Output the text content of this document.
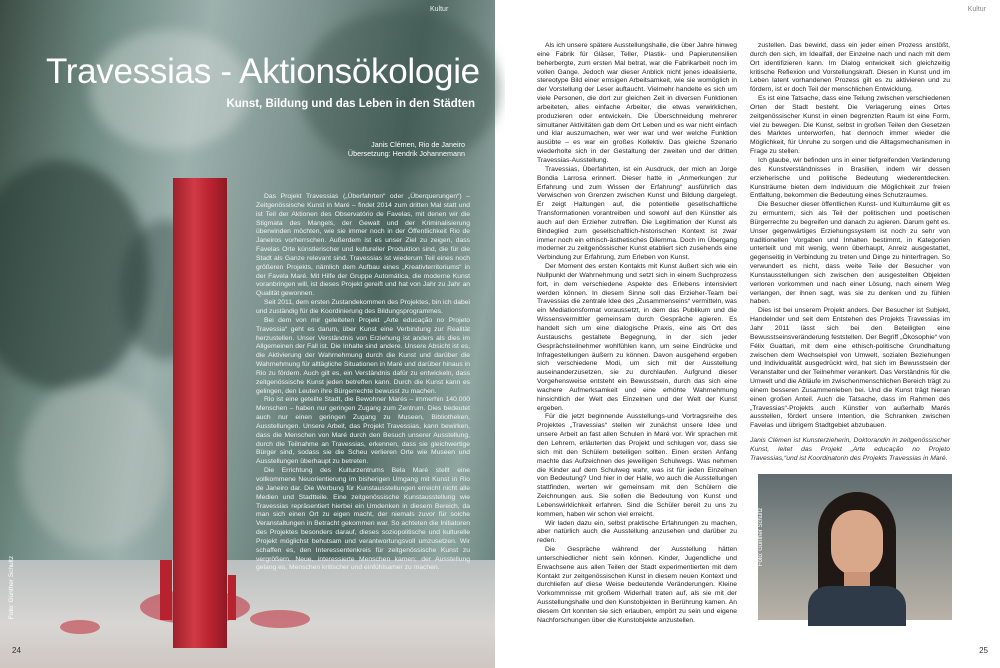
Kultur
Travessias - Aktionsökologie
Kunst, Bildung und das Leben in den Städten
Janis Clémen, Rio de Janeiro
Übersetzung: Hendrik Johannemann

Das Projekt Travessias („Überfahrten“ oder „Überquerungen“) – Zeitgenössische Kunst in Maré – findet 2014 zum dritten Mal statt und ist Teil der Aktionen des Observatório de Favelas, mit denen wir die Stigmata des Mangels, der Gewalt und der Kriminalisierung überwinden möchten, wie sie immer noch in der Öffentlichkeit Rio de Janeiros vorherrschen. Außerdem ist es unser Ziel zu zeigen, dass Favelas Orte künstlerischer und kultureller Produktion sind, die für die Stadt als Ganze relevant sind. Travessias ist wiederum Teil eines noch größeren Projekts, nämlich dem Aufbau eines „Kreativterritoriums“ in der Favela Maré. Mit Hilfe der Gruppe Automática, die moderne Kunst voranbringen will, ist dieses Projekt gereift und hat von Jahr zu Jahr an Qualität gewonnen.

Seit 2011, dem ersten Zustandekommen des Projektes, bin ich dabei und zuständig für die Koordinierung des Bildungsprogrammes.

Bei dem von mir geleiteten Projekt „Arte educação no Projeto Travessia“ geht es darum, über Kunst eine Verbindung zur Realität herzustellen. Unser Verständnis von Erziehung ist anders als dies im Allgemeinen der Fall ist. Die Inhalte sind andere. Unsere Absicht ist es, die Aktivierung der Wahrnehmung durch die Kunst und darüber die Wahrnehmung für alltägliche Situationen in Maré und darüber hinaus in Rio zu fördern. Auch gilt es, ein Verständnis dafür zu entwickeln, dass zeitgenössische Kunst jeden betreffen kann. Durch die Kunst kann es gelingen, den Leuten ihre Bürgerrechte bewusst zu machen.

Rio ist eine geteilte Stadt, die Bewohner Marés – immerhin 140.000 Menschen – haben nur geringen Zugang zum Zentrum. Dies bedeutet auch nur einen geringen Zugang zu Museen, Bibliotheken, Ausstellungen. Unsere Arbeit, das Projekt Travessias, kann bewirken, dass die Menschen von Maré durch den Besuch unserer Ausstellung, durch die Teilnahme an Travessias, erkennen, dass sie gleichwertige Bürger sind, sodass sie die Scheu verlieren Orte wie Museen und Ausstellungen überhaupt zu betreten.

Die Errichtung des Kulturzentrums Bela Maré stellt eine vollkommene Neuorientierung im bisherigen Umgang mit Kunst in Rio de Janeiro dar. Die Werbung für Kunstausstellungen erreicht nicht alle Medien und Stadtteile. Eine zeitgenössische Kunstausstellung wie Travessias repräsentiert hierbei ein Umdenken in diesem Bereich, da man sich einen Ort zu eigen macht, der niemals zuvor für solche Veranstaltungen in Betracht gekommen war. So achteten die Initiatoren des Projektes besonders darauf, dieses soziopolitische und kulturelle Projekt möglichst behutsam und verantwortungsvoll umzusetzen. Wir schaffen es, den Interessentenkreis für zeitgenössische Kunst zu vergrößern. Neue, interessierte Menschen kamen; der Ausstellung gelang es, Menschen kritischer und einfühlsamer zu machen.

Foto: Günther Schultz
24
Kultur

Als ich unsere spätere Ausstellungshalle, die über Jahre hinweg eine Fabrik für Gläser, Teller, Plastik- und Papierutensilien beherbergte, zum ersten Mal betrat, war die Fabrikarbeit noch im vollen Gange. Jedoch war dieser Anblick nicht jenes idealisierte, stereotype Bild einer emsigen Arbeitsamkeit, wie sie womöglich in der Vorstellung der Leser auftaucht. Vielmehr handelte es sich um viele Personen, die dort zur gleichen Zeit in diversen Funktionen arbeiteten, alles einfache Arbeiter, die etwas verwirklichen, produzieren oder entwickeln. Die Überschneidung mehrerer simultaner Aktivitäten gab dem Ort Leben und es war nicht einfach und klar auszumachen, wer wer war und wer welche Funktion ausübte – es war ein großes Kollektiv. Das gleiche Szenario wiederholte sich in der Gestaltung der zweiten und der dritten Travessias-Ausstellung.

Travessias, Überfahrten, ist ein Ausdruck, der mich an Jorge Bondia Larrosa erinnert. Dieser hatte in „Anmerkungen zur Erfahrung und zum Wissen der Erfahrung“ ausführlich das Verwischen von Grenzen zwischen Kunst und Bildung dargelegt. Er zeigt Haltungen auf, die potentielle gesellschaftliche Transformationen vorantreiben und sowohl auf den Künstler als auch auf den Erzieher zutreffen. Die Legitimation der Kunst als Bindeglied zum gesellschaftlich-historischen Kontext ist zwar immer noch ein ethisch-ästhetisches Dilemma. Doch im Übergang moderner zu zeitgenössischer Kunst etabliert sich zusehends eine Verbindung zur Erfahrung, zum Erleben von Kunst.

Der Moment des ersten Kontakts mit Kunst äußert sich wie ein Nullpunkt der Wahrnehmung und setzt sich in einem Suchprozess fort, in dem verschiedene Aspekte des Erlebens intensiviert werden können. In diesem Sinne soll das Erzieher-Team bei Travessias die zentrale Idee des „Zusammenseins“ vermitteln, was ein Mediationsformat voraussetzt, in dem das Publikum und die Wissensvermittler gemeinsam durch Gespräche agieren. Es handelt sich um eine dialogische Praxis, eine als Ort des Austauschs gestaltete Begegnung, in der sich jeder Gesprächsteilnehmer wohlfühlen kann, um seine Eindrücke und Infragestellungen äußern zu können. Davon ausgehend ergeben sich verschiedene Modi, um sich mit der Ausstellung auseinanderzusetzen, sie zu durchlaufen. Aufgrund dieser Vorgehensweise entsteht ein Bewusstsein, durch das sich eine wachere Aufmerksamkeit und eine erhöhte Wahrnehmung hinsichtlich der Welt des Einzelnen und der Welt der Kunst ergeben.

Für die jetzt beginnende Ausstellungs-und Vortragsreihe des Projektes „Travessias“ stellen wir zunächst unsere Idee und unsere Arbeit an fast allen Schulen in Maré vor. Wir sprachen mit den Lehrern, erläuterten das Projekt und schlugen vor, dass sie sich mit den Schülern beteiligen sollten. Einen ersten Anfang machte das Aufzeichnen des jeweiligen Schulwegs. Was nehmen die Kinder auf dem Schulweg wahr, was ist für jeden Einzelnen von Bedeutung? Und hier in der Halle, wo auch die Ausstellungen stattfinden, werten wir gemeinsam mit den Schülern die Zeichnungen aus. Sie sollen die Bedeutung von Kunst und Lebenswirklichkeit erfahren. Sind die Schüler bereit zu uns zu kommen, haben wir schon viel erreicht.

Wir laden dazu ein, selbst praktische Erfahrungen zu machen, aber natürlich auch die Ausstellung anzusehen und darüber zu reden.

Die Gespräche während der Ausstellung hätten unterschiedlicher nicht sein können. Kinder, Jugendliche und Erwachsene aus allen Teilen der Stadt experimentierten mit dem Kontakt zur zeitgenössischen Kunst in diesem neuen Kontext und durchliefen auf diese Weise bedeutende Veränderungen. Kleine Vorkommnisse mit großem Widerhall traten auf, als sie mit der Ausstellungshalle und den Kunstobjekten in Berührung kamen. An diesem Ort konnten sie sich erlauben, empört zu sein und eigene Nachforschungen über die Kunstobjekte anzustellen.

zustellen. Das bewirkt, dass ein jeder einen Prozess anstößt, durch den sich, im Idealfall, der Einzelne nach und nach mit dem Ort identifizieren kann. Im Dialog entwickelt sich gleichzeitig kritische Reflexion und Vorstellungskraft. Diesen in Kunst und im Leben latent vorhandenen Prozess gilt es zu aktivieren und zu fördern, ist er doch Teil der menschlichen Entwicklung.

Es ist eine Tatsache, dass eine Teilung zwischen verschiedenen Orten der Stadt besteht. Die Verlagerung eines Ortes zeitgenössischer Kunst in einen begrenzten Raum ist eine Form, viel zu bewegen. Die Kunst, selbst in großen Teilen den Gesetzen des Marktes unterworfen, hat dennoch immer wieder die Möglichkeit, für Unruhe zu sorgen und die Alltagsmechanismen in Frage zu stellen.

Ich glaube, wir befinden uns in einer tiefgreifenden Veränderung des Kunstverständnisses in Brasilien, indem wir dessen erzieherische und politische Bedeutung wiederentdecken. Kunsträume bieten dem Individuum die Möglichkeit zur freien Entfaltung, bekommen die Bedeutung eines Schutzraumes.

Die Besucher dieser öffentlichen Kunst- und Kulturräume gilt es zu ermuntern, sich als Teil der politischen und poetischen Bürgerrechte zu begreifen und danach zu agieren. Darum geht es. Unser gegenwärtiges Erziehungssystem ist noch zu sehr von traditionellen Vorgaben und Inhalten bestimmt, in Kategorien unterteilt und mit wenig, wenn überhaupt, Anreiz ausgestattet, gegenseitig in Verbindung zu treten und Dinge zu hinterfragen. So verwundert es nicht, dass weite Teile der Besucher von Kunstausstellungen sich zwischen den ausgestellten Objekten verloren vorkommen und nach einer Lösung, nach einem Weg verlangen, der ihnen sagt, was sie zu denken und zu fühlen haben.

Dies ist bei unserem Projekt anders. Der Besucher ist Subjekt, Handelnder und seit dem Entstehen des Projekts Travessias im Jahr 2011 lässt sich bei den Beteiligten eine Bewusstseinsveränderung feststellen. Der Begriff „Ökosophie“ von Félix Guattari, mit dem eine ethisch-politische Grundhaltung zwischen dem Wechselspiel von Umwelt, sozialen Beziehungen und Individualität ausgedrückt wird, hat sich im Bewusstsein der Veranstalter und der Teilnehmer verankert. Das Verständnis für die Umwelt und die Abläufe im zwischenmenschlichen Bereich trägt zu einem besseren Zusammenleben bei. Und die Kunst trägt hieran einen großen Anteil. Auch die Tatsache, dass im Rahmen des „Travessias“-Projekts auch Künstler von außerhalb Marés ausstellen, fördert unsere Intention, die Schranken zwischen Favelas und übrigem Stadtgebiet abzubauen.

Janis Clémen ist Kunsterzieherin, Doktorandin in zeitgenössischer Kunst, leitet das Projekt „Arte educação no Projeto Travessias,“und ist Koordinatorin des Projekts Travessias in Maré.

Foto: Günther Schultz
25
